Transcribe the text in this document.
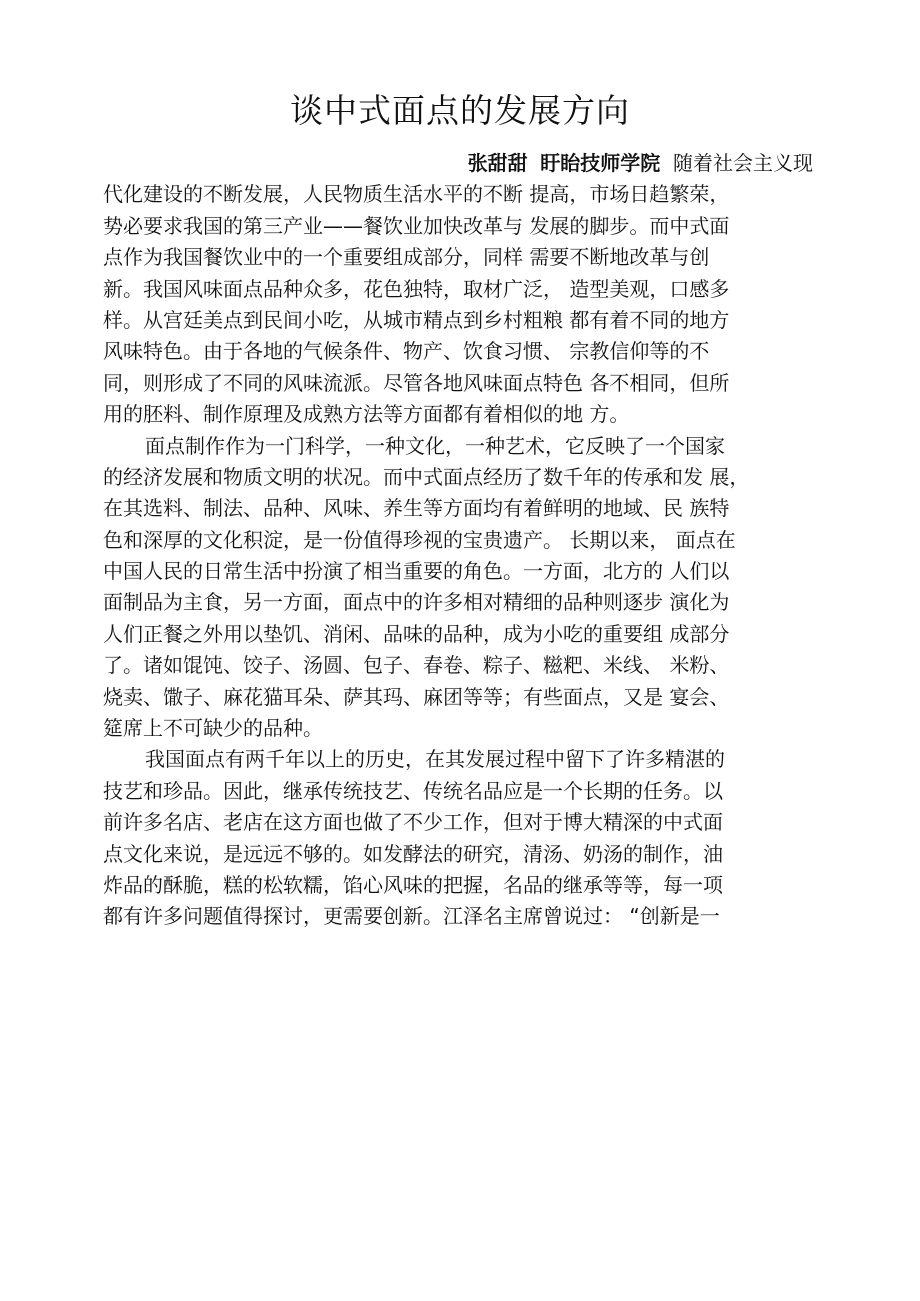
谈中式面点的发展方向
张甜甜 盱眙技师学院 随着社会主义现
代化建设的不断发展，人民物质生活水平的不断 提高，市场日趋繁荣，
势必要求我国的第三产业——餐饮业加快改革与 发展的脚步。而中式面
点作为我国餐饮业中的一个重要组成部分，同样 需要不断地改革与创
新。我国风味面点品种众多，花色独特，取材广泛， 造型美观，口感多
样。从宫廷美点到民间小吃，从城市精点到乡村粗粮 都有着不同的地方
风味特色。由于各地的气候条件、物产、饮食习惯、 宗教信仰等的不
同，则形成了不同的风味流派。尽管各地风味面点特色 各不相同，但所
用的胚料、制作原理及成熟方法等方面都有着相似的地 方。
面点制作作为一门科学，一种文化，一种艺术，它反映了一个国家
的经济发展和物质文明的状况。而中式面点经历了数千年的传承和发 展，
在其选料、制法、品种、风味、养生等方面均有着鲜明的地域、民 族特
色和深厚的文化积淀，是一份值得珍视的宝贵遗产。 长期以来， 面点在
中国人民的日常生活中扮演了相当重要的角色。一方面，北方的 人们以
面制品为主食，另一方面，面点中的许多相对精细的品种则逐步 演化为
人们正餐之外用以垫饥、消闲、品味的品种，成为小吃的重要组 成部分
了。诸如馄饨、饺子、汤圆、包子、春卷、粽子、糍粑、米线、 米粉、
烧卖、馓子、麻花猫耳朵、萨其玛、麻团等等；有些面点，又是 宴会、
筵席上不可缺少的品种。
我国面点有两千年以上的历史，在其发展过程中留下了许多精湛的
技艺和珍品。因此，继承传统技艺、传统名品应是一个长期的任务。以
前许多名店、老店在这方面也做了不少工作，但对于博大精深的中式面
点文化来说，是远远不够的。如发酵法的研究，清汤、奶汤的制作，油
炸品的酥脆，糕的松软糯，馅心风味的把握，名品的继承等等，每一项
都有许多问题值得探讨，更需要创新。江泽名主席曾说过： “创新是一
